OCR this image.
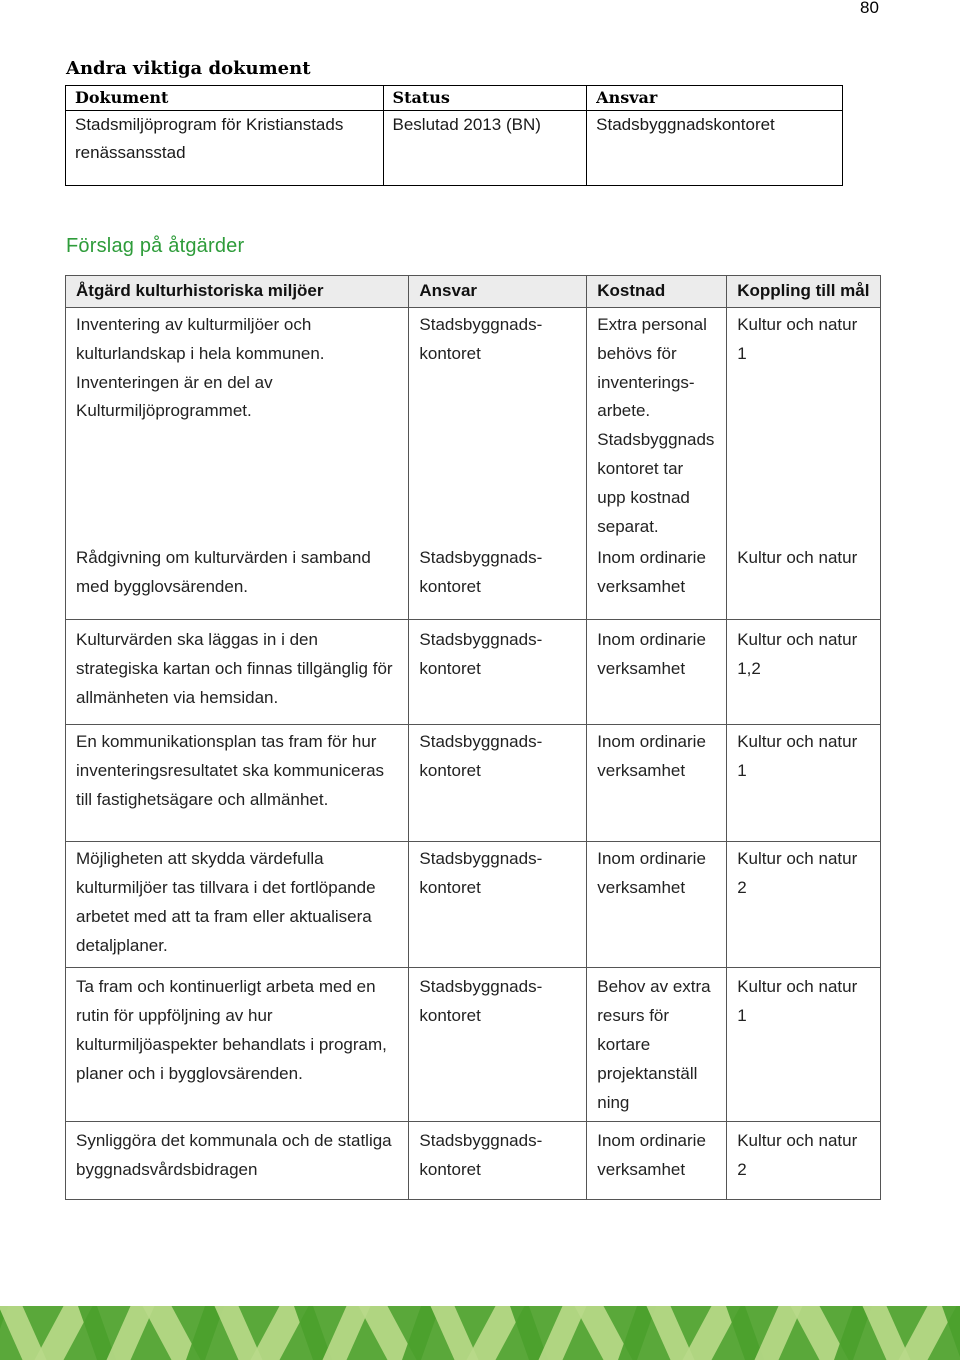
80
Andra viktiga dokument
Dokument	Status	Ansvar
Stadsmiljöprogram för Kristianstads renässansstad	Beslutad 2013 (BN)	Stadsbyggnadskontoret
Förslag på åtgärder
Åtgärd kulturhistoriska miljöer	Ansvar	Kostnad	Koppling till mål
Inventering av kulturmiljöer och kulturlandskap i hela kommunen. Inventeringen är en del av Kulturmiljöprogrammet.	Stadsbyggnads-kontoret	Extra personal behövs för inventerings-arbete. Stadsbyggnads kontoret tar upp kostnad separat.	Kultur och natur 1
Rådgivning om kulturvärden i samband med bygglovsärenden.	Stadsbyggnads-kontoret	Inom ordinarie verksamhet	Kultur och natur
Kulturvärden ska läggas in i den strategiska kartan och finnas tillgänglig för allmänheten via hemsidan.	Stadsbyggnads-kontoret	Inom ordinarie verksamhet	Kultur och natur 1,2
En kommunikationsplan tas fram för hur inventeringsresultatet ska kommuniceras till fastighetsägare och allmänhet.	Stadsbyggnads-kontoret	Inom ordinarie verksamhet	Kultur och natur 1
Möjligheten att skydda värdefulla kulturmiljöer tas tillvara i det fortlöpande arbetet med att ta fram eller aktualisera detaljplaner.	Stadsbyggnads-kontoret	Inom ordinarie verksamhet	Kultur och natur 2
Ta fram och kontinuerligt arbeta med en rutin för uppföljning av hur kulturmiljöaspekter behandlats i program, planer och i bygglovsärenden.	Stadsbyggnads-kontoret	Behov av extra resurs för kortare projektanställ ning	Kultur och natur 1
Synliggöra det kommunala och de statliga byggnadsvårdsbidragen	Stadsbyggnads-kontoret	Inom ordinarie verksamhet	Kultur och natur 2
